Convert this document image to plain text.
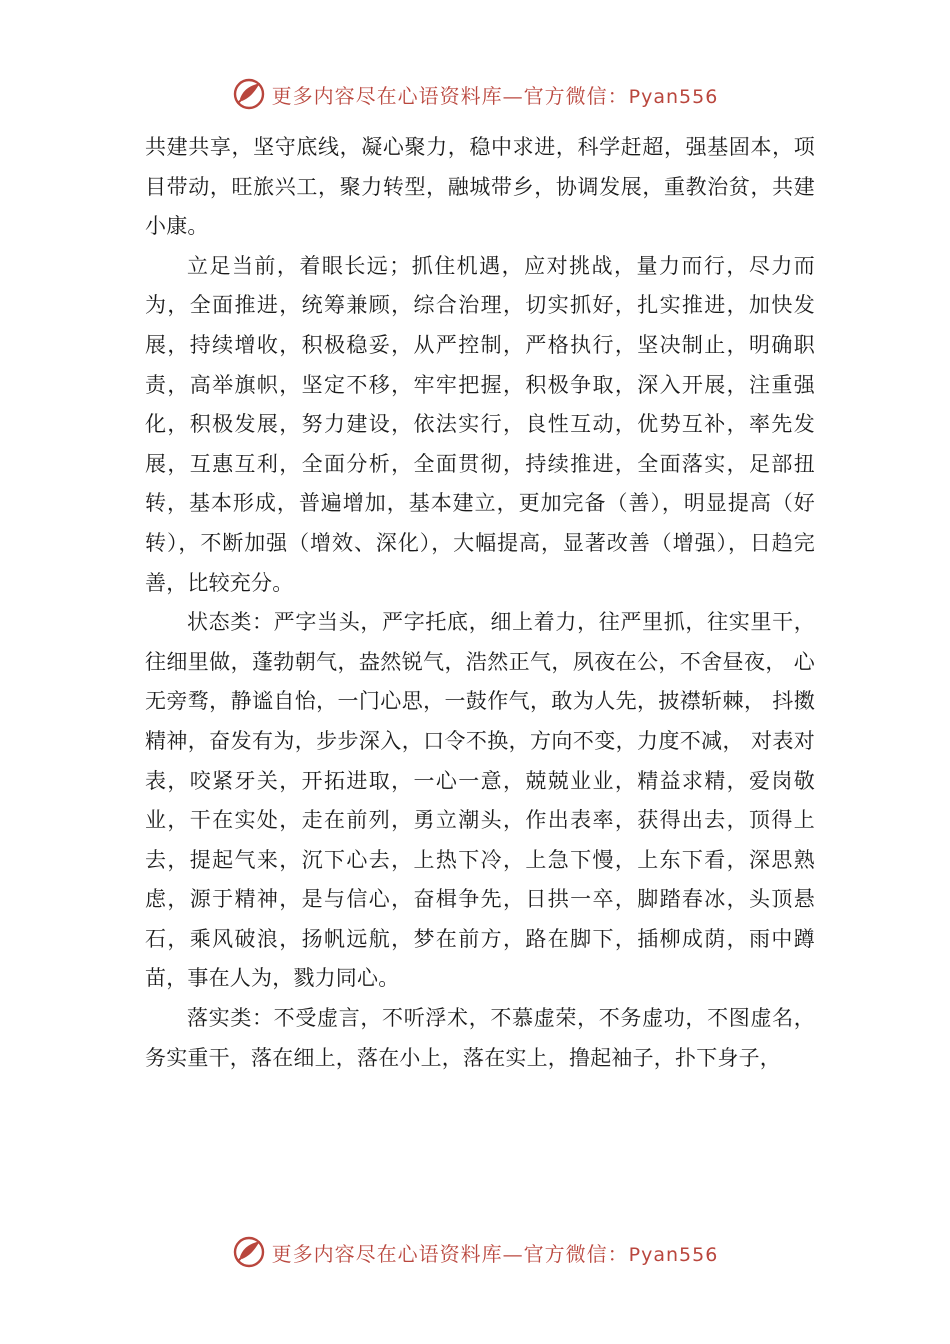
更多内容尽在心语资料库—官方微信：Pyan556

共建共享，坚守底线，凝心聚力，稳中求进，科学赶超，强基固本，项目带动，旺旅兴工，聚力转型，融城带乡，协调发展，重教治贫，共建小康。

立足当前，着眼长远；抓住机遇，应对挑战，量力而行，尽力而为，全面推进，统筹兼顾，综合治理，切实抓好，扎实推进，加快发展，持续增收，积极稳妥，从严控制，严格执行，坚决制止，明确职责，高举旗帜，坚定不移，牢牢把握，积极争取，深入开展，注重强化，积极发展，努力建设，依法实行，良性互动，优势互补，率先发展，互惠互利，全面分析，全面贯彻，持续推进，全面落实，足部扭转，基本形成，普遍增加，基本建立，更加完备（善），明显提高（好转），不断加强（增效、深化），大幅提高，显著改善（增强），日趋完善，比较充分。

状态类：严字当头，严字托底，细上着力，往严里抓，往实里干， 往细里做，蓬勃朝气，盎然锐气，浩然正气，夙夜在公，不舍昼夜， 心无旁骛，静谧自怡，一门心思，一鼓作气，敢为人先，披襟斩棘， 抖擞精神，奋发有为，步步深入，口令不换，方向不变，力度不减， 对表对表，咬紧牙关，开拓进取，一心一意，兢兢业业，精益求精，爱岗敬业，干在实处，走在前列，勇立潮头，作出表率，获得出去，顶得上去，提起气来，沉下心去，上热下冷，上急下慢，上东下看，深思熟虑，源于精神，是与信心，奋楫争先，日拱一卒，脚踏春冰，头顶悬石，乘风破浪，扬帆远航，梦在前方，路在脚下，插柳成荫，雨中蹲苗，事在人为，戮力同心。

落实类：不受虚言，不听浮术，不慕虚荣，不务虚功，不图虚名， 务实重干，落在细上，落在小上，落在实上，撸起袖子，扑下身子，

更多内容尽在心语资料库—官方微信：Pyan556
